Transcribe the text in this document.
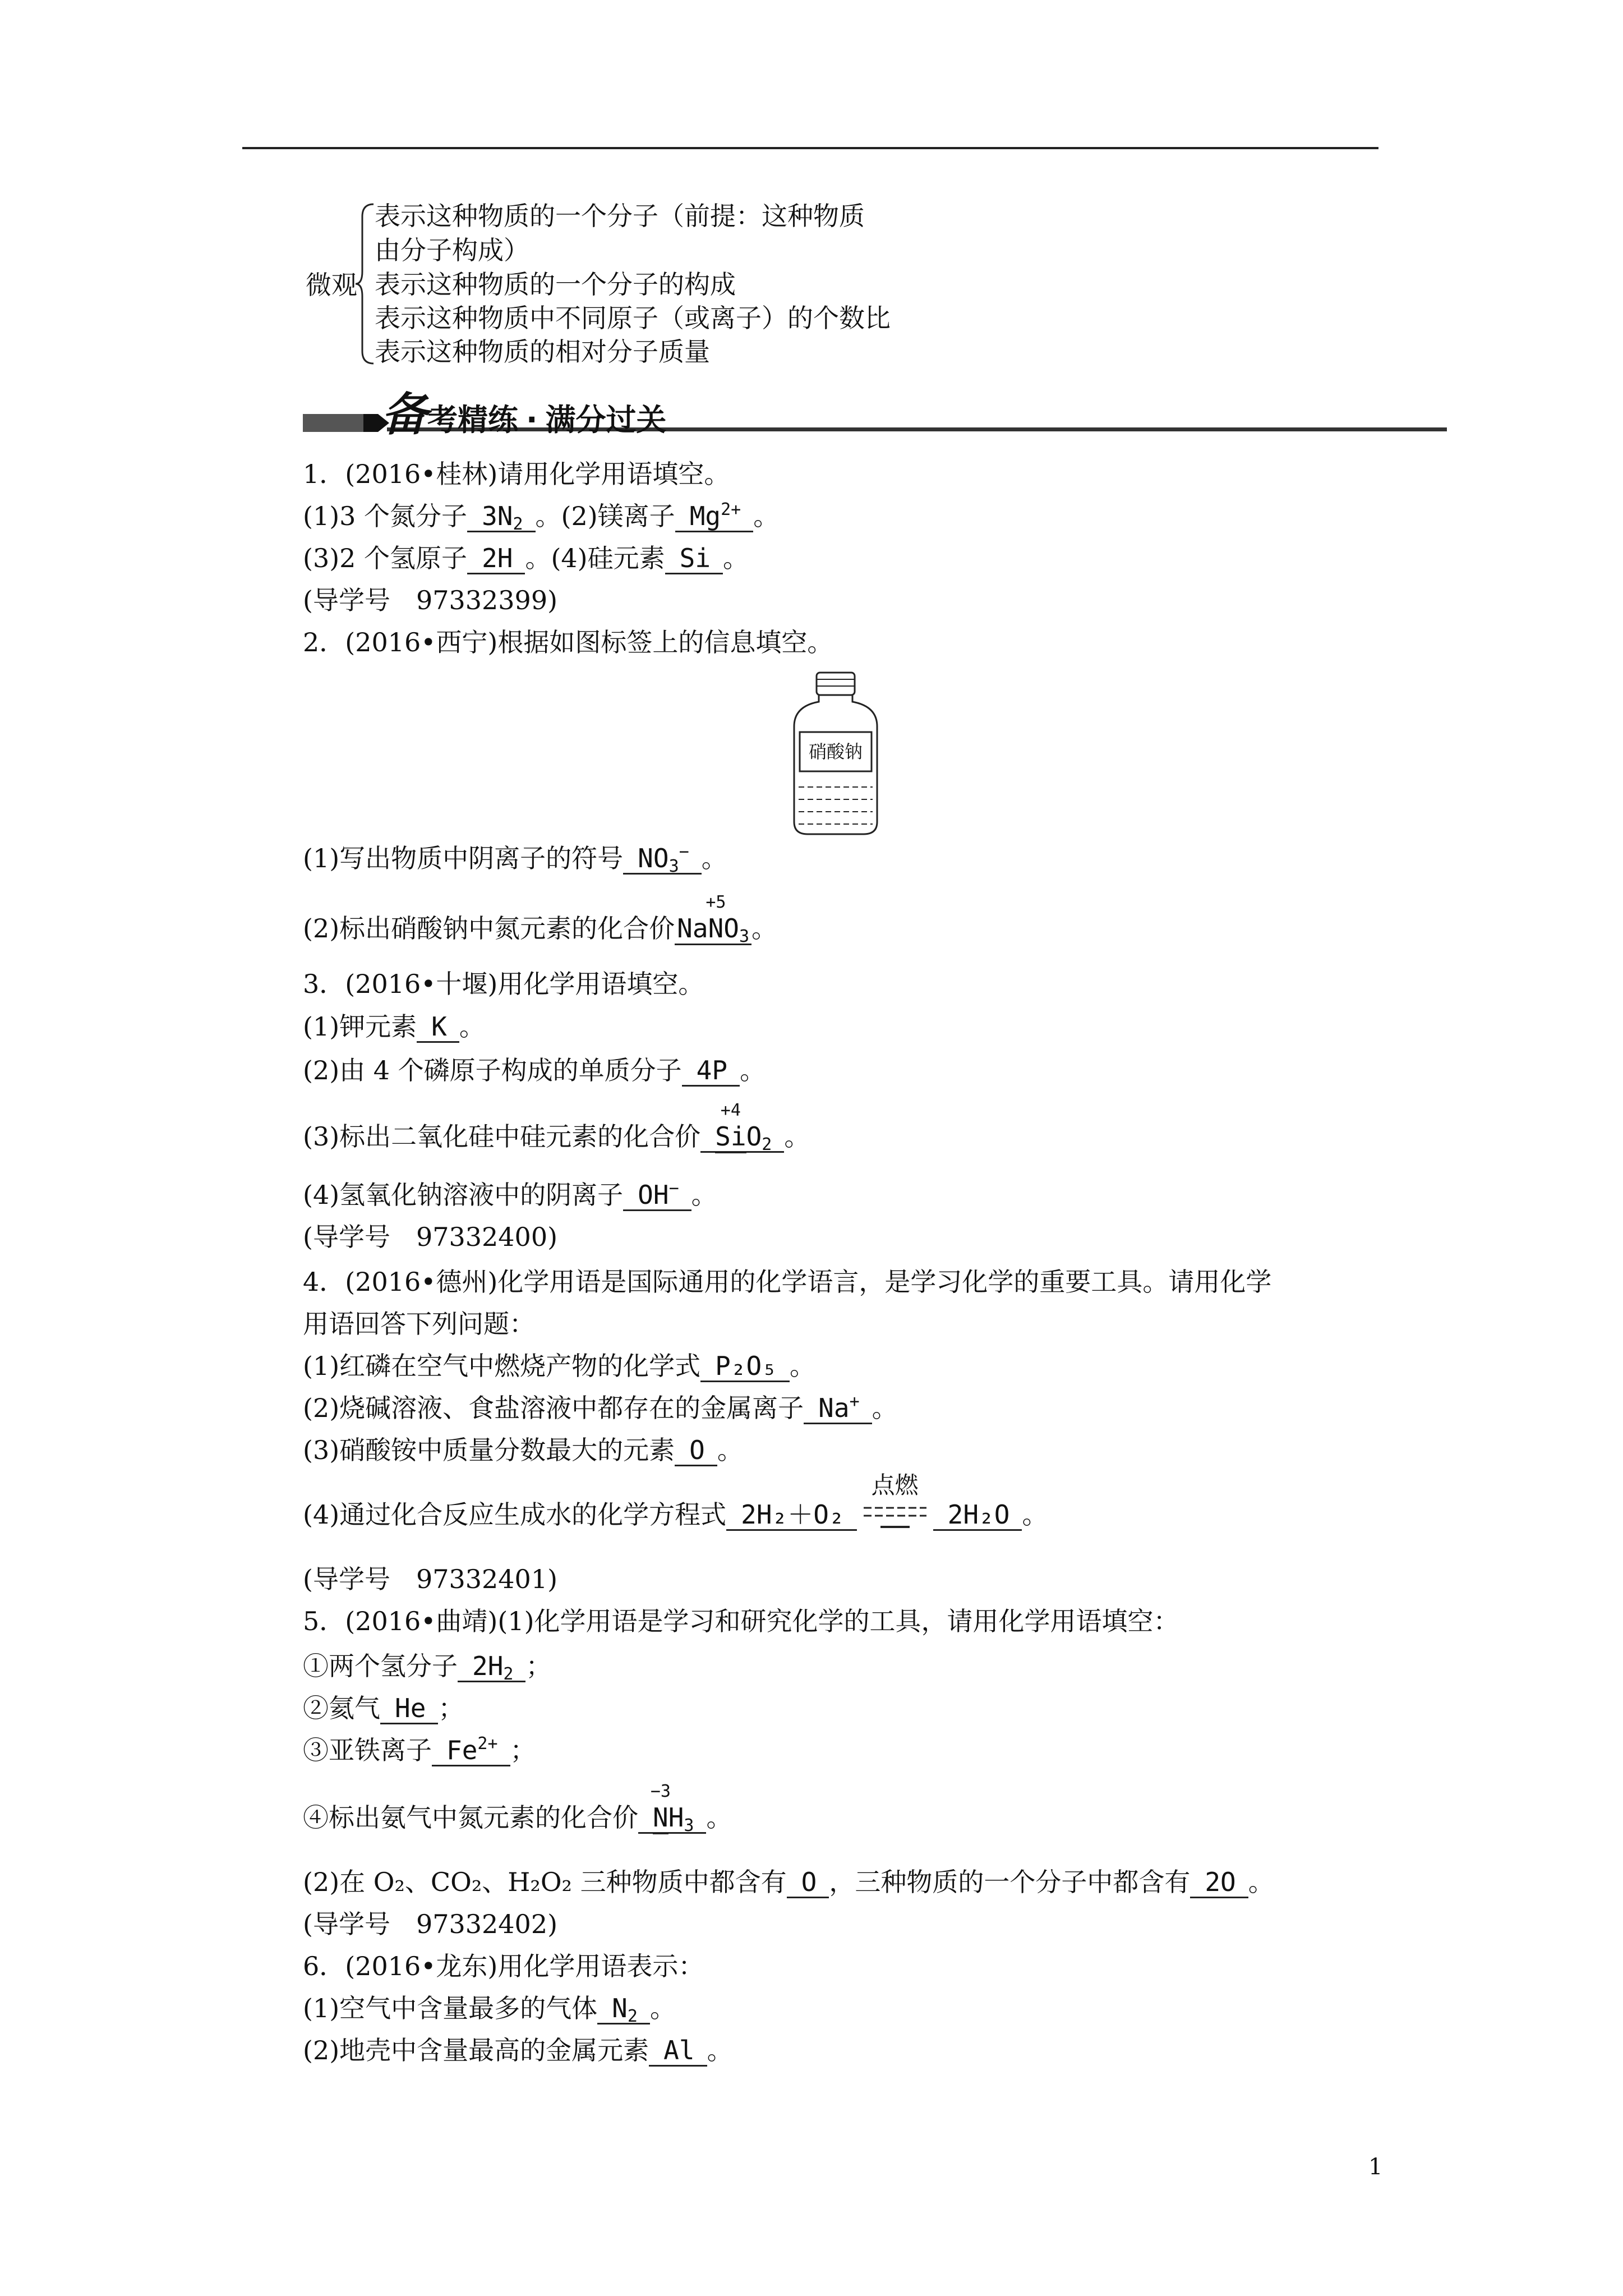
微观
表示这种物质的一个分子（前提：这种物质
由分子构成）
表示这种物质的一个分子的构成
表示这种物质中不同原子（或离子）的个数比
表示这种物质的相对分子质量
备考精练 · 满分过关
1．(2016•桂林)请用化学用语填空。
(1)3 个氮分子 $3N_2$ 。(2)镁离子 $Mg^{2+}$ 。
(3)2 个氢原子 2H 。(4)硅元素 Si 。
(导学号　97332399)
2．(2016•西宁)根据如图标签上的信息填空。
硝酸钠
(1)写出物质中阴离子的符号 $NO_3^-$ 。
(2)标出硝酸钠中氮元素的化合价Na
+5
$NO_3$。
3．(2016•十堰)用化学用语填空。
(1)钾元素 K 。
(2)由 4 个磷原子构成的单质分子 4P 。
(3)标出二氧化硅中硅元素的化合价
+4
SiO$_2$ 。
(4)氢氧化钠溶液中的阴离子 OH− 。
(导学号　97332400)
4．(2016•德州)化学用语是国际通用的化学语言，是学习化学的重要工具。请用化学
用语回答下列问题：
(1)红磷在空气中燃烧产物的化学式 P₂O₅ 。
(2)烧碱溶液、食盐溶液中都存在的金属离子 Na+ 。
(3)硝酸铵中质量分数最大的元素 O 。
(4)通过化合反应生成水的化学方程式 2H₂＋O₂
点燃
2H₂O 。
(导学号　97332401)
5．(2016•曲靖)(1)化学用语是学习和研究化学的工具，请用化学用语填空：
①两个氢分子 $2H_2$ ；
②氦气 He ；
③亚铁离子 $Fe^{2+}$ ；
④标出氨气中氮元素的化合价
−3
$NH_3$ 。
(2)在 O₂、CO₂、H₂O₂ 三种物质中都含有 O ，三种物质的一个分子中都含有 2O 。
(导学号　97332402)
6．(2016•龙东)用化学用语表示：
(1)空气中含量最多的气体 $N_2$ 。
(2)地壳中含量最高的金属元素 Al 。
1
